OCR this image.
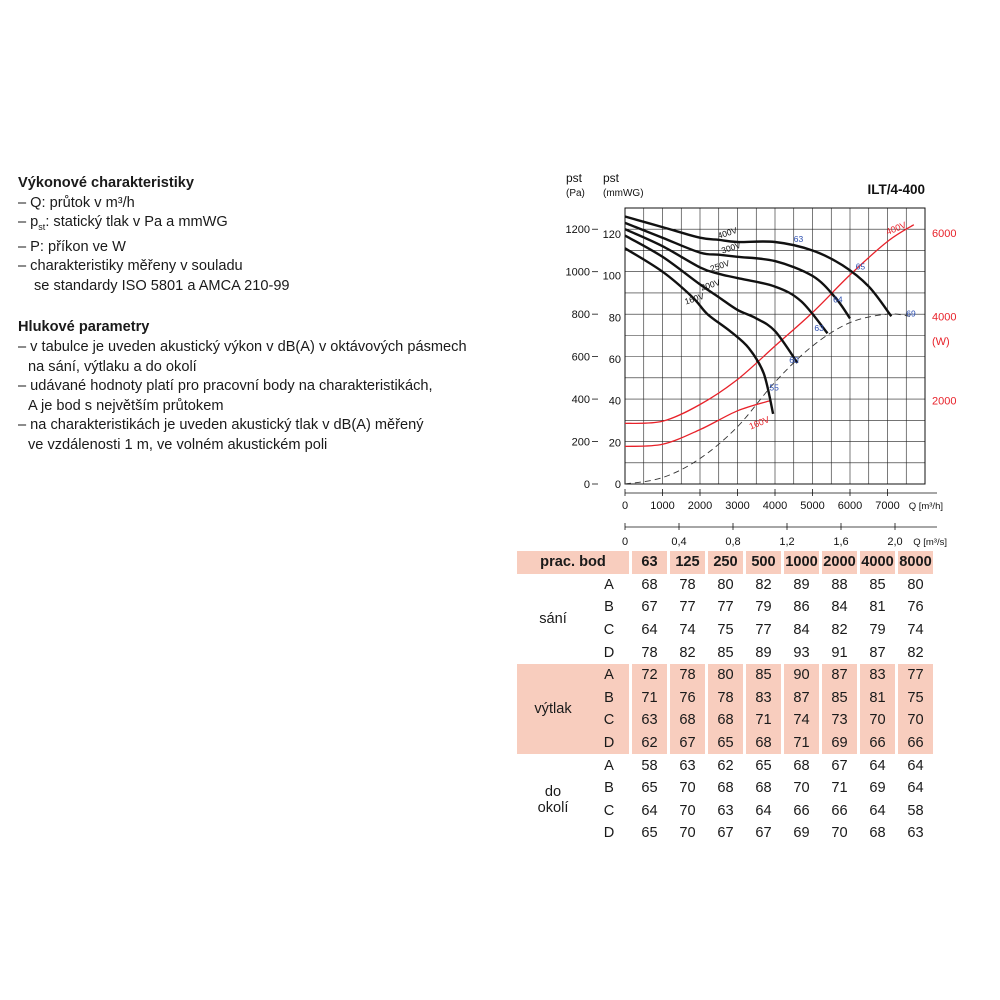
Výkonové charakteristiky
– Q: průtok v m³/h
– $p_{st}$: statický tlak v Pa a mmWG
– P: příkon ve W
– charakteristiky měřeny v souladu
se standardy ISO 5801 a AMCA 210-99
Hlukové parametry
– v tabulce je uveden akustický výkon v dB(A) v oktávových pásmech
na sání, výtlaku a do okolí
– udávané hodnoty platí pro pracovní body na charakteristikách,
A je bod s největším průtokem
– na charakteristikách je uveden akustický tlak v dB(A) měřený
ve vzdálenosti 1 m, ve volném akustickém poli
0
200
400
600
800
1000
1200
0
20
40
60
80
100
120
2000
4000
6000
(W)
pst
(Pa)
pst
(mmWG)	ILT/4-400
0 1000 2000 3000 4000 5000 6000 7000 Q [m³/h]
0	0,4	0,8	1,2	1,6	2,0 Q [m³/s]
400V
160V
400V
300V
250V
200V
160V
63
65
64
63
69
60
55
prac. bod			63		125		250		500		1000		2000		4000		8000
sání	A		68		78		80		82		89		88		85		80
	B		67		77		77		79		86		84		81		76
	C		64		74		75		77		84		82		79		74
	D		78		82		85		89		93		91		87		82
výtlak	A		72		78		80		85		90		87		83		77
	B		71		76		78		83		87		85		81		75
	C		63		68		68		71		74		73		70		70
	D		62		67		65		68		71		69		66		66
do
okolí	A		58		63		62		65		68		67		64		64
	B		65		70		68		68		70		71		69		64
	C		64		70		63		64		66		66		64		58
	D		65		70		67		67		69		70		68		63
